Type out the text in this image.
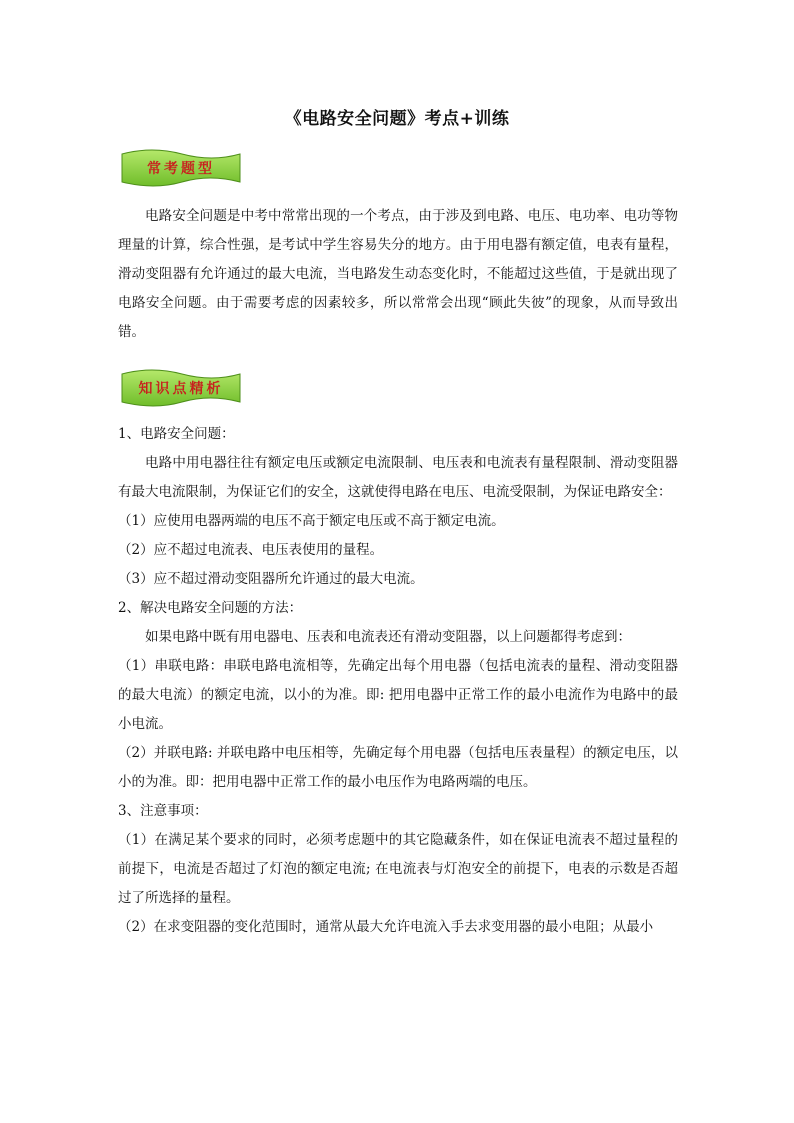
《电路安全问题》考点+训练
常考题型

电路安全问题是中考中常常出现的一个考点，由于涉及到电路、电压、电功率、电功等物理量的计算，综合性强，是考试中学生容易失分的地方。由于用电器有额定值，电表有量程，滑动变阻器有允许通过的最大电流，当电路发生动态变化时，不能超过这些值，于是就出现了电路安全问题。由于需要考虑的因素较多，所以常常会出现“顾此失彼”的现象，从而导致出错。

知识点精析

1、电路安全问题：

电路中用电器往往有额定电压或额定电流限制、电压表和电流表有量程限制、滑动变阻器有最大电流限制，为保证它们的安全，这就使得电路在电压、电流受限制，为保证电路安全：

（1）应使用电器两端的电压不高于额定电压或不高于额定电流。

（2）应不超过电流表、电压表使用的量程。

（3）应不超过滑动变阻器所允许通过的最大电流。

2、解决电路安全问题的方法：

如果电路中既有用电器电、压表和电流表还有滑动变阻器，以上问题都得考虑到：

（1）串联电路：串联电路电流相等，先确定出每个用电器（包括电流表的量程、滑动变阻器的最大电流）的额定电流，以小的为准。即: 把用电器中正常工作的最小电流作为电路中的最小电流。

（2）并联电路: 并联电路中电压相等，先确定每个用电器（包括电压表量程）的额定电压，以小的为准。即：把用电器中正常工作的最小电压作为电路两端的电压。

3、注意事项：

（1）在满足某个要求的同时，必须考虑题中的其它隐藏条件，如在保证电流表不超过量程的前提下，电流是否超过了灯泡的额定电流; 在电流表与灯泡安全的前提下，电表的示数是否超过了所选择的量程。

（2）在求变阻器的变化范围时，通常从最大允许电流入手去求变用器的最小电阻；从最小
